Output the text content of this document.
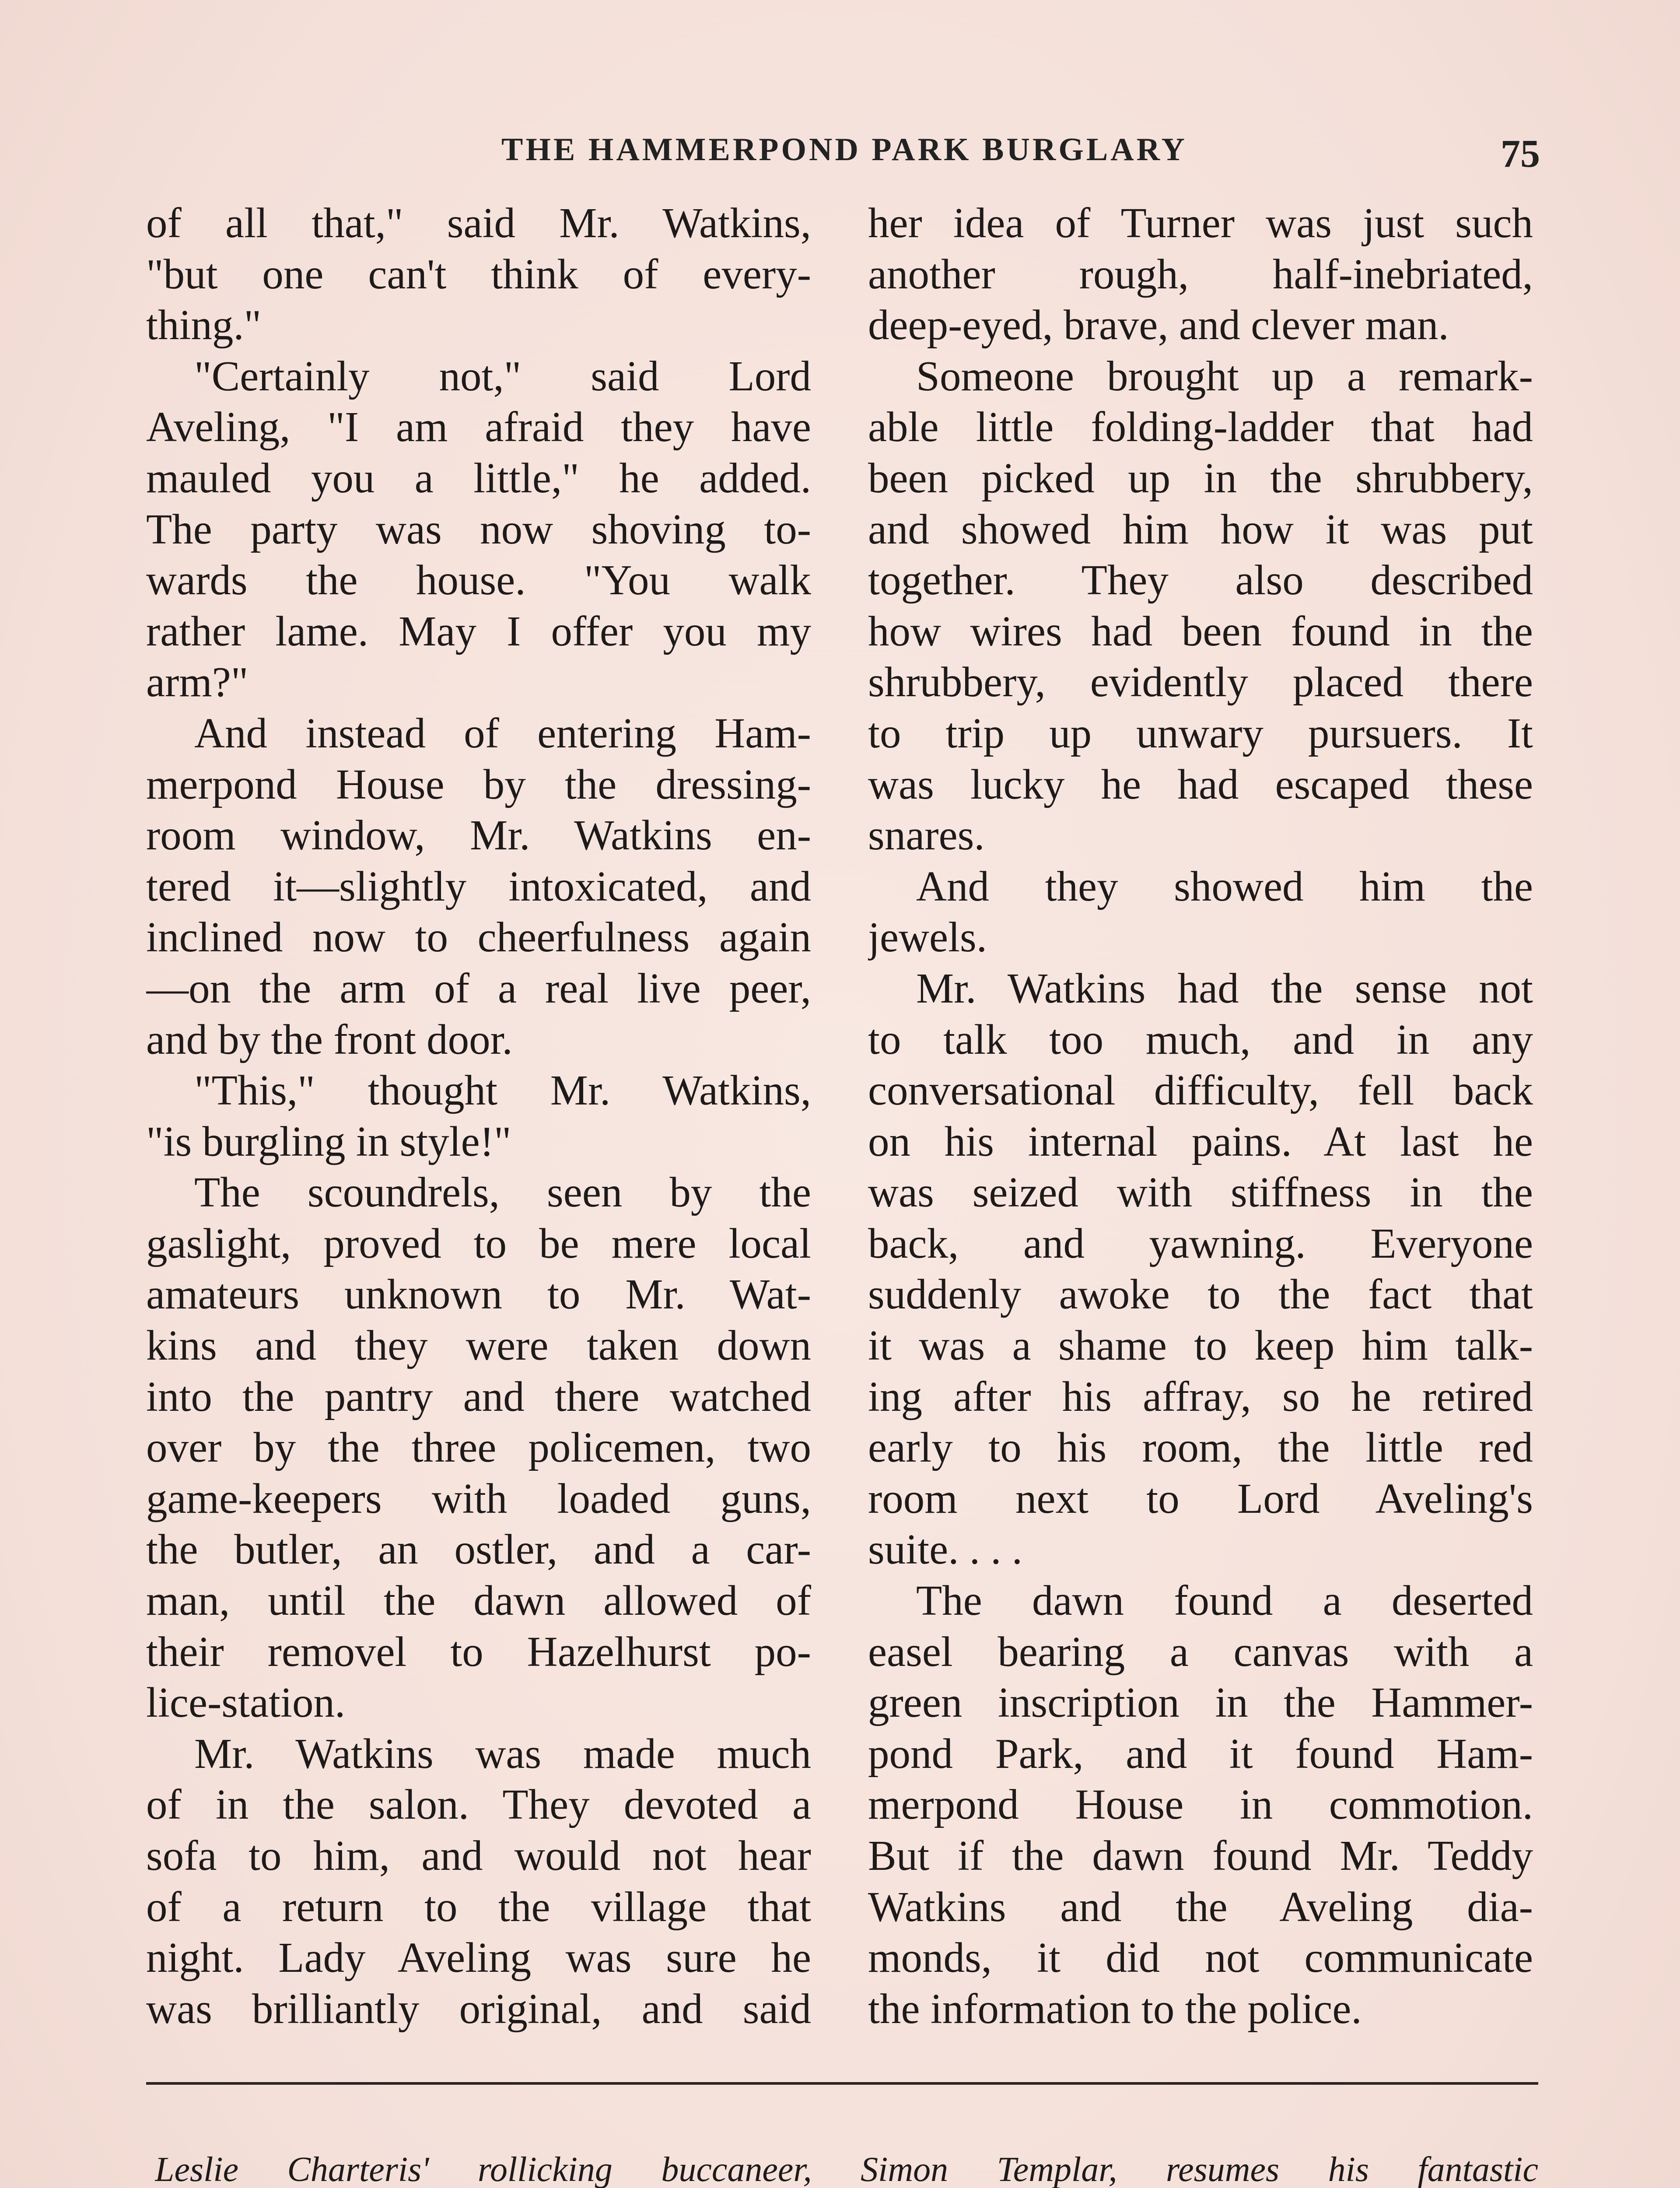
THE HAMMERPOND PARK BURGLARY	75
of all that," said Mr. Watkins,
"but one can't think of every-
thing."
"Certainly not," said Lord
Aveling, "I am afraid they have
mauled you a little," he added.
The party was now shoving to-
wards the house. "You walk
rather lame. May I offer you my
arm?"
And instead of entering Ham-
merpond House by the dressing-
room window, Mr. Watkins en-
tered it—slightly intoxicated, and
inclined now to cheerfulness again
—on the arm of a real live peer,
and by the front door.
"This," thought Mr. Watkins,
"is burgling in style!"
The scoundrels, seen by the
gaslight, proved to be mere local
amateurs unknown to Mr. Wat-
kins and they were taken down
into the pantry and there watched
over by the three policemen, two
game-keepers with loaded guns,
the butler, an ostler, and a car-
man, until the dawn allowed of
their removel to Hazelhurst po-
lice-station.
Mr. Watkins was made much
of in the salon. They devoted a
sofa to him, and would not hear
of a return to the village that
night. Lady Aveling was sure he
was brilliantly original, and said
her idea of Turner was just such
another rough, half-inebriated,
deep-eyed, brave, and clever man.
Someone brought up a remark-
able little folding-ladder that had
been picked up in the shrubbery,
and showed him how it was put
together. They also described
how wires had been found in the
shrubbery, evidently placed there
to trip up unwary pursuers. It
was lucky he had escaped these
snares.
And they showed him the
jewels.
Mr. Watkins had the sense not
to talk too much, and in any
conversational difficulty, fell back
on his internal pains. At last he
was seized with stiffness in the
back, and yawning. Everyone
suddenly awoke to the fact that
it was a shame to keep him talk-
ing after his affray, so he retired
early to his room, the little red
room next to Lord Aveling's
suite. . . .
The dawn found a deserted
easel bearing a canvas with a
green inscription in the Hammer-
pond Park, and it found Ham-
merpond House in commotion.
But if the dawn found Mr. Teddy
Watkins and the Aveling dia-
monds, it did not communicate
the information to the police.
Leslie Charteris' rollicking buccaneer, Simon Templar, resumes his fantastic
